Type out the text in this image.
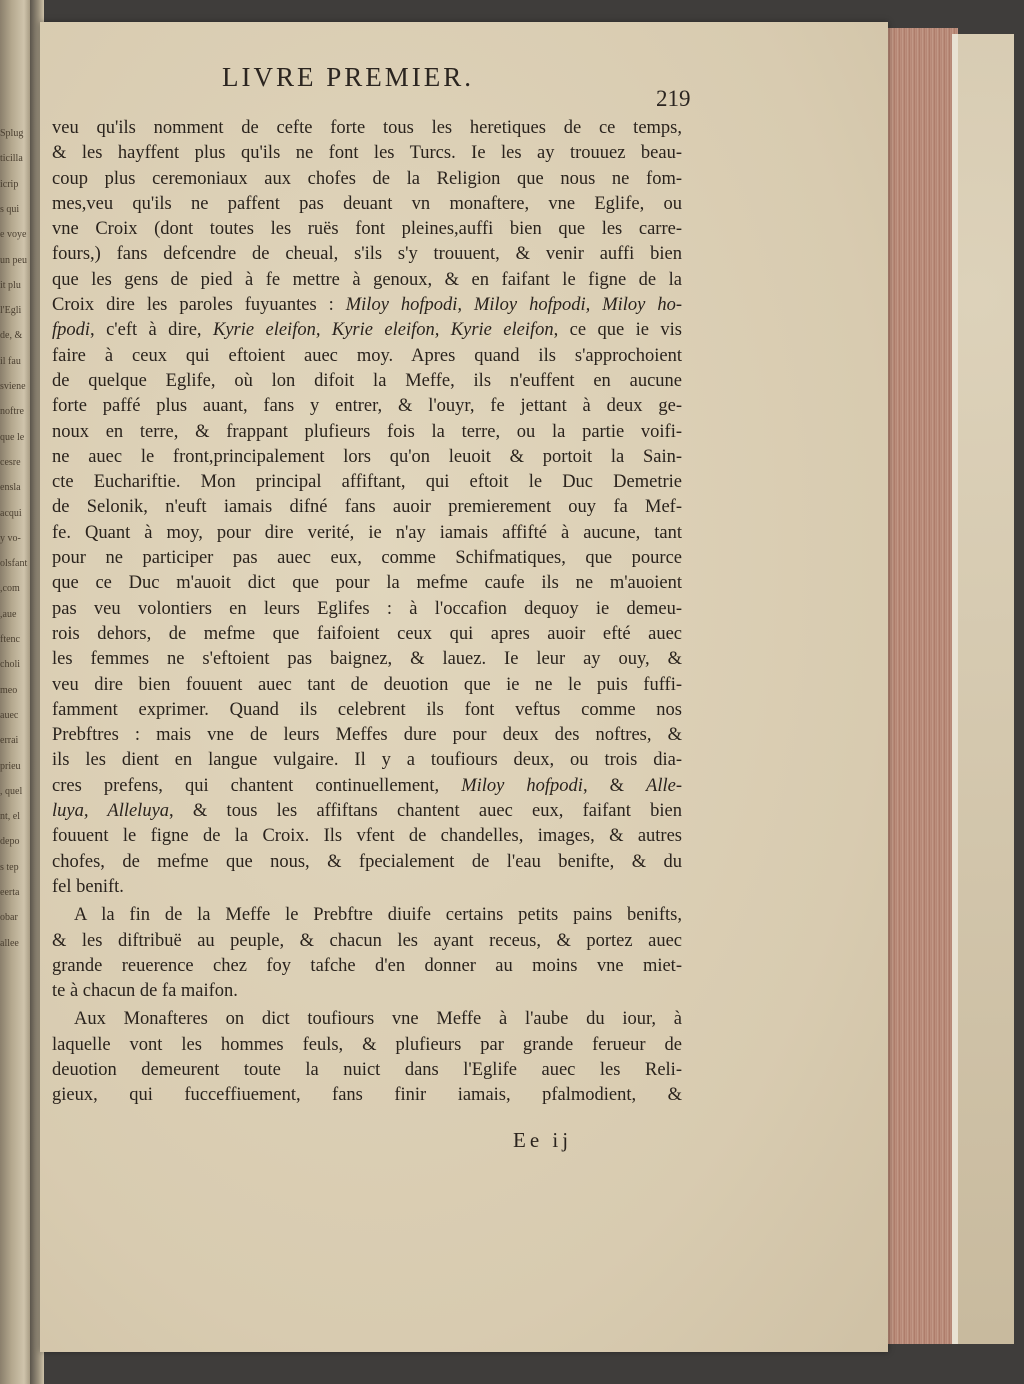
Splug
ticilla
icrip
s qui
e voye
un peu
it plu
l'Egli
de, &
il fau
sviene
noftre
que le
cesre
ensla
acqui
y vo-
olsfant
,com
,aue
ftenc
choli
meo
auec
errai
prieu
, quel
nt, el
depo
s tep
eerta
obar
allee
LIVRE PREMIER.
219
veu qu'ils nomment de cefte forte tous les heretiques de ce temps,
& les hayffent plus qu'ils ne font les Turcs. Ie les ay trouuez beau-
coup plus ceremoniaux aux chofes de la Religion que nous ne fom-
mes,veu qu'ils ne paffent pas deuant vn monaftere, vne Eglife, ou
vne Croix (dont toutes les ruës font pleines,auffi bien que les carre-
fours,) fans defcendre de cheual, s'ils s'y trouuent, & venir auffi bien
que les gens de pied à fe mettre à genoux, & en faifant le figne de la
Croix dire les paroles fuyuantes : Miloy hofpodi, Miloy hofpodi, Miloy ho-
fpodi, c'eft à dire, Kyrie eleifon, Kyrie eleifon, Kyrie eleifon, ce que ie vis
faire à ceux qui eftoient auec moy. Apres quand ils s'approchoient
de quelque Eglife, où lon difoit la Meffe, ils n'euffent en aucune
forte paffé plus auant, fans y entrer, & l'ouyr, fe jettant à deux ge-
noux en terre, & frappant plufieurs fois la terre, ou la partie voifi-
ne auec le front,principalement lors qu'on leuoit & portoit la Sain-
cte Euchariftie. Mon principal affiftant, qui eftoit le Duc Demetrie
de Selonik, n'euft iamais difné fans auoir premierement ouy fa Mef-
fe. Quant à moy, pour dire verité, ie n'ay iamais affifté à aucune, tant
pour ne participer pas auec eux, comme Schifmatiques, que pource
que ce Duc m'auoit dict que pour la mefme caufe ils ne m'auoient
pas veu volontiers en leurs Eglifes : à l'occafion dequoy ie demeu-
rois dehors, de mefme que faifoient ceux qui apres auoir efté auec
les femmes ne s'eftoient pas baignez, & lauez. Ie leur ay ouy, &
veu dire bien fouuent auec tant de deuotion que ie ne le puis fuffi-
famment exprimer. Quand ils celebrent ils font veftus comme nos
Prebftres : mais vne de leurs Meffes dure pour deux des noftres, &
ils les dient en langue vulgaire. Il y a toufiours deux, ou trois dia-
cres prefens, qui chantent continuellement, Miloy hofpodi, & Alle-
luya, Alleluya, & tous les affiftans chantent auec eux, faifant bien
fouuent le figne de la Croix. Ils vfent de chandelles, images, & autres
chofes, de mefme que nous, & fpecialement de l'eau benifte, & du
fel benift.
A la fin de la Meffe le Prebftre diuife certains petits pains benifts,
& les diftribuë au peuple, & chacun les ayant receus, & portez auec
grande reuerence chez foy tafche d'en donner au moins vne miet-
te à chacun de fa maifon.
Aux Monafteres on dict toufiours vne Meffe à l'aube du iour, à
laquelle vont les hommes feuls, & plufieurs par grande ferueur de
deuotion demeurent toute la nuict dans l'Eglife auec les Reli-
gieux, qui fucceffiuement, fans finir iamais, pfalmodient, &
Ee ij
